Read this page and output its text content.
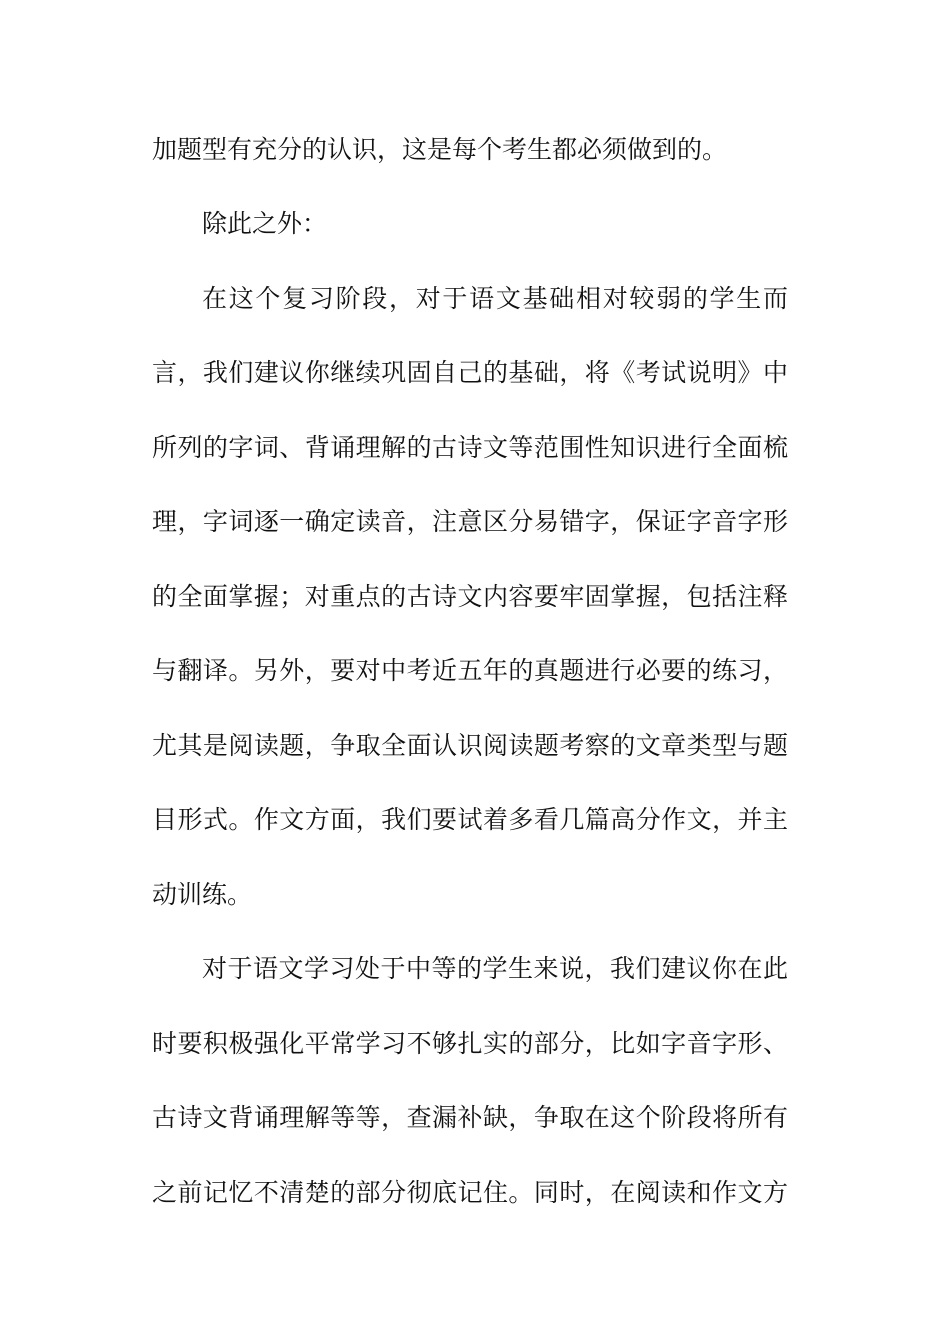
加题型有充分的认识，这是每个考生都必须做到的。
除此之外：
在这个复习阶段，对于语文基础相对较弱的学生而
言，我们建议你继续巩固自己的基础，将《考试说明》中
所列的字词、背诵理解的古诗文等范围性知识进行全面梳
理，字词逐一确定读音，注意区分易错字，保证字音字形
的全面掌握；对重点的古诗文内容要牢固掌握，包括注释
与翻译。另外，要对中考近五年的真题进行必要的练习，
尤其是阅读题，争取全面认识阅读题考察的文章类型与题
目形式。作文方面，我们要试着多看几篇高分作文，并主
动训练。
对于语文学习处于中等的学生来说，我们建议你在此
时要积极强化平常学习不够扎实的部分，比如字音字形、
古诗文背诵理解等等，查漏补缺，争取在这个阶段将所有
之前记忆不清楚的部分彻底记住。同时，在阅读和作文方
